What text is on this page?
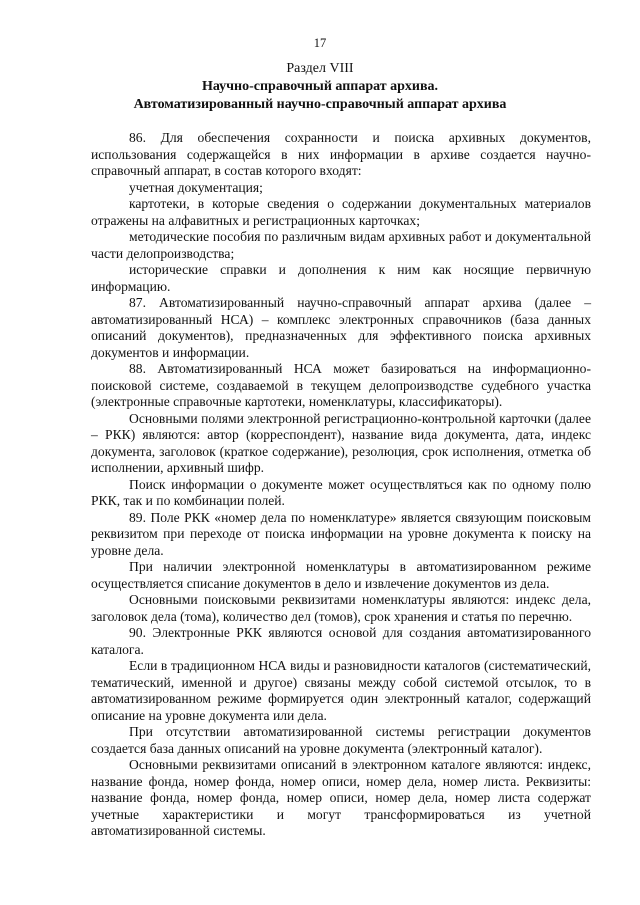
17
Раздел VIII
Научно-справочный аппарат архива.
Автоматизированный научно-справочный аппарат архива

86. Для обеспечения сохранности и поиска архивных документов, использования содержащейся в них информации в архиве создается научно-справочный аппарат, в состав которого входят:

учетная документация;

картотеки, в которые сведения о содержании документальных материалов отражены на алфавитных и регистрационных карточках;

методические пособия по различным видам архивных работ и документальной части делопроизводства;

исторические справки и дополнения к ним как носящие первичную информацию.

87. Автоматизированный научно-справочный аппарат архива (далее – автоматизированный НСА) – комплекс электронных справочников (база данных описаний документов), предназначенных для эффективного поиска архивных документов и информации.

88. Автоматизированный НСА может базироваться на информационно-поисковой системе, создаваемой в текущем делопроизводстве судебного участка (электронные справочные картотеки, номенклатуры, классификаторы).

Основными полями электронной регистрационно-контрольной карточки (далее – РКК) являются: автор (корреспондент), название вида документа, дата, индекс документа, заголовок (краткое содержание), резолюция, срок исполнения, отметка об исполнении, архивный шифр.

Поиск информации о документе может осуществляться как по одному полю РКК, так и по комбинации полей.

89. Поле РКК «номер дела по номенклатуре» является связующим поисковым реквизитом при переходе от поиска информации на уровне документа к поиску на уровне дела.

При наличии электронной номенклатуры в автоматизированном режиме осуществляется списание документов в дело и извлечение документов из дела.

Основными поисковыми реквизитами номенклатуры являются: индекс дела, заголовок дела (тома), количество дел (томов), срок хранения и статья по перечню.

90. Электронные РКК являются основой для создания автоматизированного каталога.

Если в традиционном НСА виды и разновидности каталогов (систематический, тематический, именной и другое) связаны между собой системой отсылок, то в автоматизированном режиме формируется один электронный каталог, содержащий описание на уровне документа или дела.

При отсутствии автоматизированной системы регистрации документов создается база данных описаний на уровне документа (электронный каталог).

Основными реквизитами описаний в электронном каталоге являются: индекс, название фонда, номер фонда, номер описи, номер дела, номер листа. Реквизиты: название фонда, номер фонда, номер описи, номер дела, номер листа содержат учетные характеристики и могут трансформироваться из учетной автоматизированной системы.
